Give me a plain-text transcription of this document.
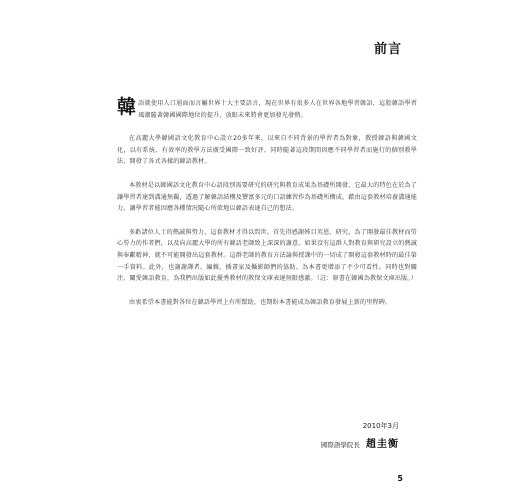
前言

韓 語就使用人口層面而言屬世界十大主要語言，現在世界有很多人在世界各地學習韓語，這股韓語學習風潮隨著韓國國際地位的提升，放眼未來將會更加發光發熱。

在高麗大學韓國語文化教育中心設立20多年來，以來自不同背景的學習者為對象，教授韓語與韓國文化，以有系統、有效率的教學方法廣受國際一致好評。同時隨著這段期間因應不同學習者而施行的個別教學法，開發了各式各樣的韓語教材。

本教材是以韓國語文化教育中心語段別需要研究的研究與教育成果為基礎所開發，它最大的特色在於為了讓學習者達到溝通無礙，透過了解韓語結構及豐富多元的口語練習作為基礎所構成。藉由這套教材培養溝通能力，讓學習者能因應各種情況隨心所欲地以韓語表達自己的想法。

多虧諸位人士的熱誠與努力，這套教材才得以問世。首先得感謝姊目英恩、研究，為了開發最佳教材而勞心勞力的作者們，以及向高麗大學的所有韓語老師致上深深的謝意。如果沒有這群人對教育與研究設立的熱誠與奉獻精神，就不可能開發出這套教材。這群老師的教育方法論與授課中的一切成了開發這套教材時的最佳第一手資料。此外，也謝謝譯者、編輯、插畫家及攝影師們的協助。為本書更增添了不少可看性。同時也對關注、關愛韓語教育，為我們出版如此優秀教材的教保文庫表達無限感激。（註：原書在韓國為教保文庫出版。）

由衷希望本書能對各位在韓語學習上有所幫助，也期盼本書能成為韓語教育發展上新的里程碑。

2010年3月
國際語學院長 趙圭衡
5
